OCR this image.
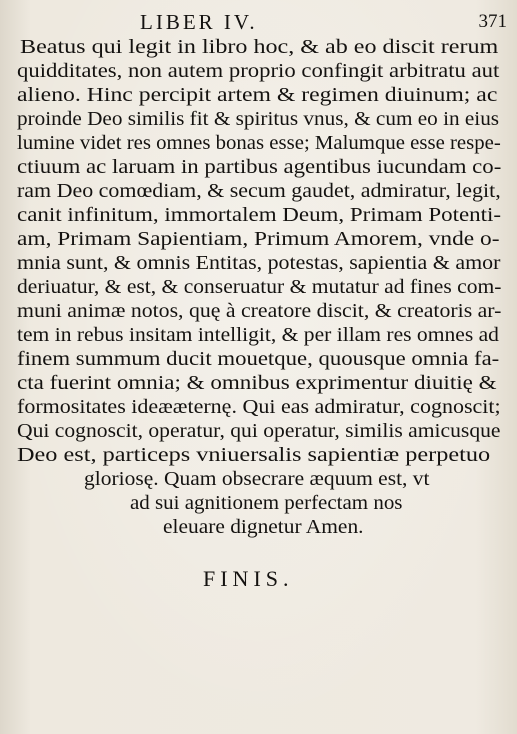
LIBER IV.	371
Beatus qui legit in libro hoc, & ab eo discit rerum
quidditates, non autem proprio confingit arbitratu aut
alieno. Hinc percipit artem & regimen diuinum; ac
proinde Deo similis fit & spiritus vnus, & cum eo in eius
lumine videt res omnes bonas esse; Malumque esse respe-
ctiuum ac laruam in partibus agentibus iucundam co-
ram Deo comœdiam, & secum gaudet, admiratur, legit,
canit infinitum, immortalem Deum, Primam Potenti-
am, Primam Sapientiam, Primum Amorem, vnde o-
mnia sunt, & omnis Entitas, potestas, sapientia & amor
deriuatur, & est, & conseruatur & mutatur ad fines com-
muni animæ notos, quę à creatore discit, & creatoris ar-
tem in rebus insitam intelligit, & per illam res omnes ad
finem summum ducit mouetque, quousque omnia fa-
cta fuerint omnia; & omnibus exprimentur diuitię &
formositates ideææternę. Qui eas admiratur, cognoscit;
Qui cognoscit, operatur, qui operatur, similis amicusque
Deo est, particeps vniuersalis sapientiæ perpetuo
gloriosę. Quam obsecrare æquum est, vt
ad sui agnitionem perfectam nos
eleuare dignetur Amen.
FINIS.
